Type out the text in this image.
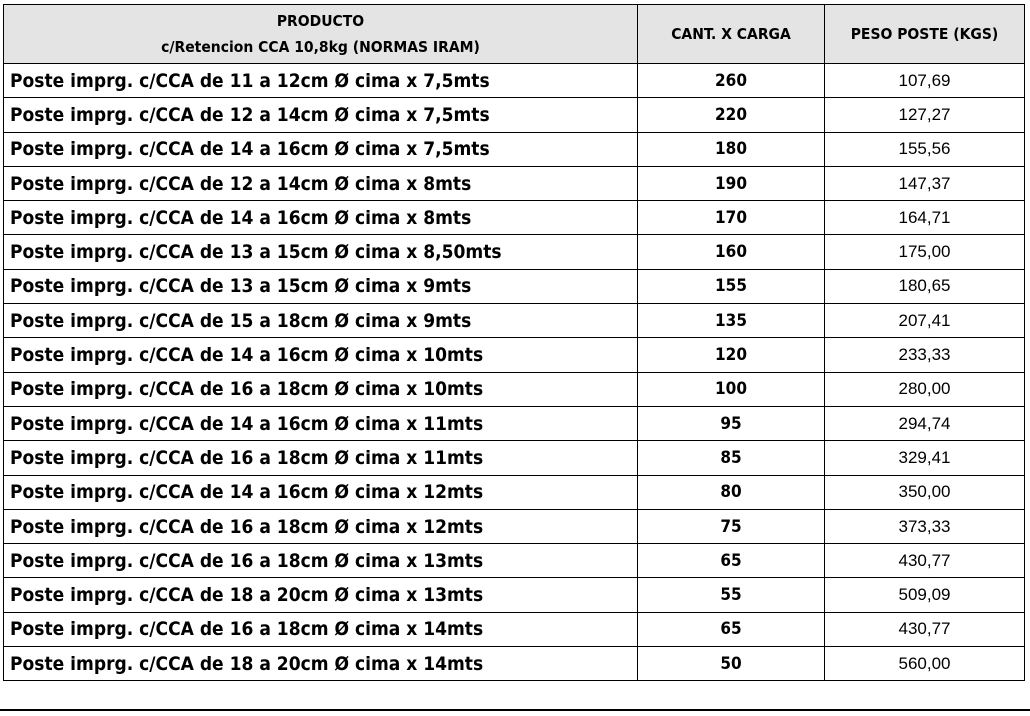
PRODUCTO
c/Retencion CCA 10,8kg (NORMAS IRAM)	CANT. X CARGA	PESO POSTE (KGS)
Poste imprg. c/CCA de 11 a 12cm Ø cima x 7,5mts	260	107,69
Poste imprg. c/CCA de 12 a 14cm Ø cima x 7,5mts	220	127,27
Poste imprg. c/CCA de 14 a 16cm Ø cima x 7,5mts	180	155,56
Poste imprg. c/CCA de 12 a 14cm Ø cima x 8mts	190	147,37
Poste imprg. c/CCA de 14 a 16cm Ø cima x 8mts	170	164,71
Poste imprg. c/CCA de 13 a 15cm Ø cima x 8,50mts	160	175,00
Poste imprg. c/CCA de 13 a 15cm Ø cima x 9mts	155	180,65
Poste imprg. c/CCA de 15 a 18cm Ø cima x 9mts	135	207,41
Poste imprg. c/CCA de 14 a 16cm Ø cima x 10mts	120	233,33
Poste imprg. c/CCA de 16 a 18cm Ø cima x 10mts	100	280,00
Poste imprg. c/CCA de 14 a 16cm Ø cima x 11mts	95	294,74
Poste imprg. c/CCA de 16 a 18cm Ø cima x 11mts	85	329,41
Poste imprg. c/CCA de 14 a 16cm Ø cima x 12mts	80	350,00
Poste imprg. c/CCA de 16 a 18cm Ø cima x 12mts	75	373,33
Poste imprg. c/CCA de 16 a 18cm Ø cima x 13mts	65	430,77
Poste imprg. c/CCA de 18 a 20cm Ø cima x 13mts	55	509,09
Poste imprg. c/CCA de 16 a 18cm Ø cima x 14mts	65	430,77
Poste imprg. c/CCA de 18 a 20cm Ø cima x 14mts	50	560,00
